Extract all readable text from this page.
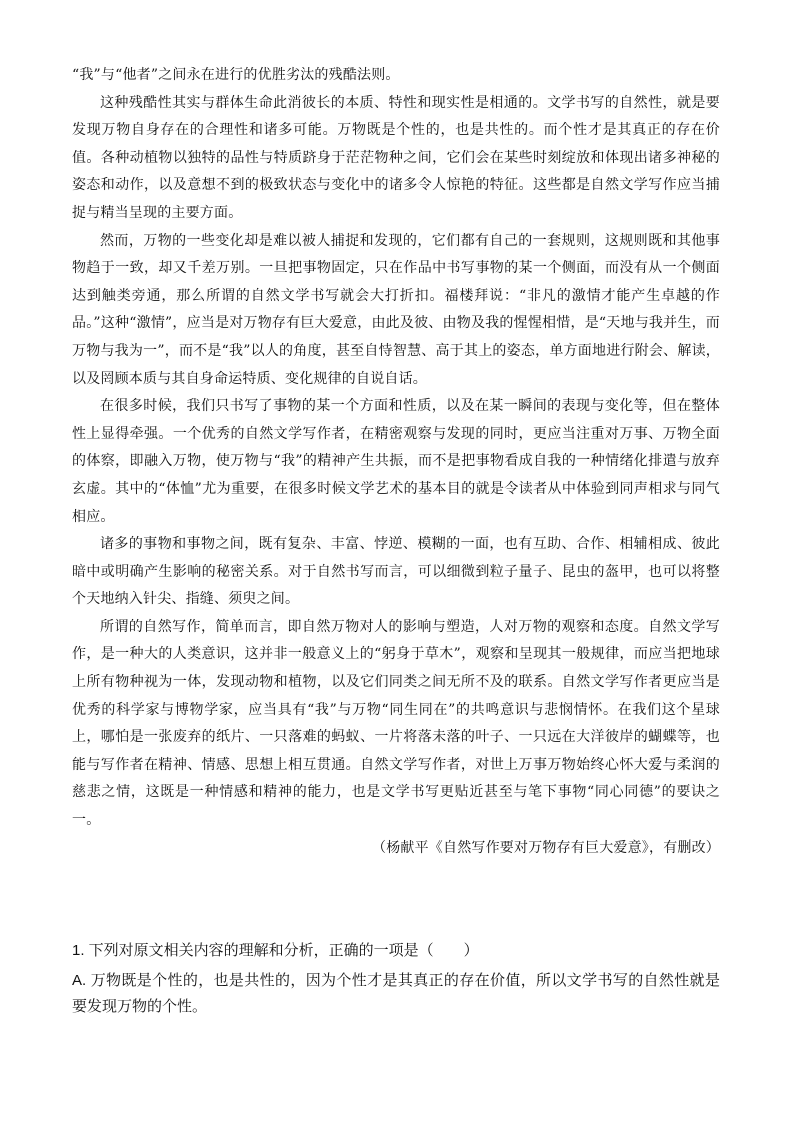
“我”与“他者”之间永在进行的优胜劣汰的残酷法则。

这种残酷性其实与群体生命此消彼长的本质、特性和现实性是相通的。文学书写的自然性，就是要发现万物自身存在的合理性和诸多可能。万物既是个性的，也是共性的。而个性才是其真正的存在价值。各种动植物以独特的品性与特质跻身于茫茫物种之间，它们会在某些时刻绽放和体现出诸多神秘的姿态和动作，以及意想不到的极致状态与变化中的诸多令人惊艳的特征。这些都是自然文学写作应当捕捉与精当呈现的主要方面。

然而，万物的一些变化却是难以被人捕捉和发现的，它们都有自己的一套规则，这规则既和其他事物趋于一致，却又千差万别。一旦把事物固定，只在作品中书写事物的某一个侧面，而没有从一个侧面达到触类旁通，那么所谓的自然文学书写就会大打折扣。福楼拜说：“非凡的激情才能产生卓越的作品。”这种“激情”，应当是对万物存有巨大爱意，由此及彼、由物及我的惺惺相惜，是“天地与我并生，而万物与我为一”，而不是“我”以人的角度，甚至自恃智慧、高于其上的姿态，单方面地进行附会、解读，以及罔顾本质与其自身命运特质、变化规律的自说自话。

在很多时候，我们只书写了事物的某一个方面和性质，以及在某一瞬间的表现与变化等，但在整体性上显得牵强。一个优秀的自然文学写作者，在精密观察与发现的同时，更应当注重对万事、万物全面的体察，即融入万物，使万物与“我”的精神产生共振，而不是把事物看成自我的一种情绪化排遣与放弃玄虚。其中的“体恤”尤为重要，在很多时候文学艺术的基本目的就是令读者从中体验到同声相求与同气相应。

诸多的事物和事物之间，既有复杂、丰富、悖逆、模糊的一面，也有互助、合作、相辅相成、彼此暗中或明确产生影响的秘密关系。对于自然书写而言，可以细微到粒子量子、昆虫的盔甲，也可以将整个天地纳入针尖、指缝、须臾之间。

所谓的自然写作，简单而言，即自然万物对人的影响与塑造，人对万物的观察和态度。自然文学写作，是一种大的人类意识，这并非一般意义上的“躬身于草木”，观察和呈现其一般规律，而应当把地球上所有物种视为一体，发现动物和植物，以及它们同类之间无所不及的联系。自然文学写作者更应当是优秀的科学家与博物学家，应当具有“我”与万物“同生同在”的共鸣意识与悲悯情怀。在我们这个星球上，哪怕是一张废弃的纸片、一只落难的蚂蚁、一片将落未落的叶子、一只远在大洋彼岸的蝴蝶等，也能与写作者在精神、情感、思想上相互贯通。自然文学写作者，对世上万事万物始终心怀大爱与柔润的慈悲之情，这既是一种情感和精神的能力，也是文学书写更贴近甚至与笔下事物“同心同德”的要诀之一。

（杨献平《自然写作要对万物存有巨大爱意》，有删改）

1. 下列对原文相关内容的理解和分析，正确的一项是（　　）

A. 万物既是个性的，也是共性的，因为个性才是其真正的存在价值，所以文学书写的自然性就是要发现万物的个性。
